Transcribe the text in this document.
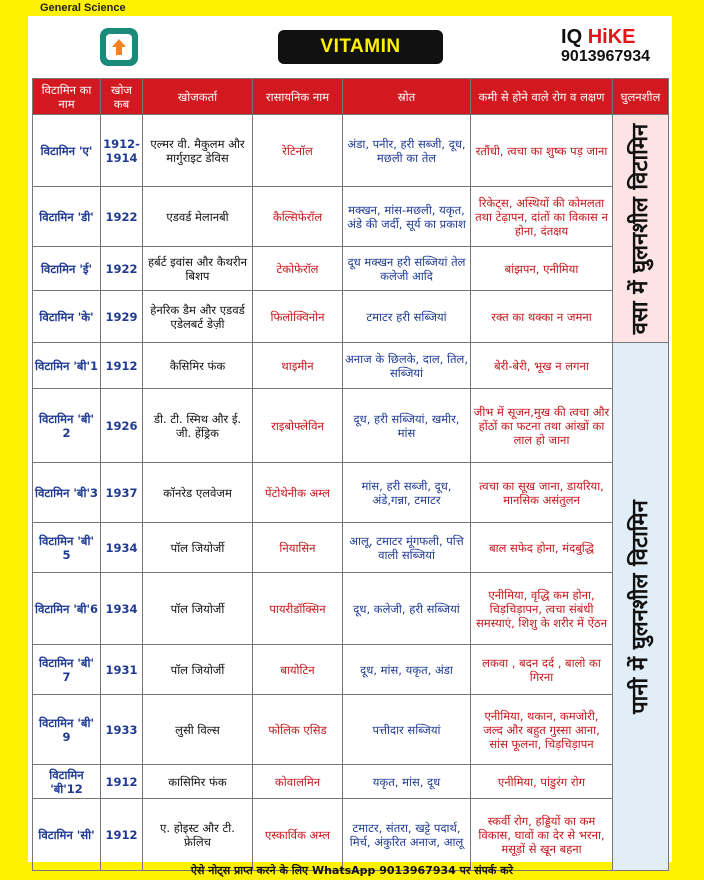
General Science
VITAMIN	IQ HiKE
9013967934
विटामिन का नाम	खोज कब	खोजकर्ता	रासायनिक नाम	स्रोत	कमी से होने वाले रोग व लक्षण	घुलनशील
विटामिन 'ए'	1912-1914	एल्मर वी. मैकुलम और मार्गुराइट डेविस	रेटिनॉल	अंडा, पनीर, हरी सब्जी, दूध, मछली का तेल	रतौंधी, त्वचा का शुष्क पड़ जाना	वसा में घुलनशील विटामिन

विटामिन 'डी'	1922	एडवर्ड मेलानबी	कैल्सिफेरॉल	मक्खन, मांस-मछली, यकृत, अंडे की जर्दी, सूर्य का प्रकाश	रिकेट्स, अस्थियों की कोमलता तथा टेढ़ापन, दांतों का विकास न होना, दंतक्षय	
विटामिन 'ई'	1922	हर्बर्ट इवांस और कैथरीन बिशप	टेकोफेरॉल	दूध मक्खन हरी सब्जियां तेल कलेजी आदि	बांझपन, एनीमिया	
विटामिन 'के'	1929	हेनरिक डैम और एडवर्ड एडेलबर्ट डेज़ी	फिलोक्विनोन	टमाटर हरी सब्जियां	रक्त का थक्का न जमना	
विटामिन 'बी'1	1912	कैसिमिर फंक	थाइमीन	अनाज के छिलके, दाल, तिल, सब्जियां	बेरी-बेरी, भूख न लगना	पानी में घुलनशील विटामिन

विटामिन 'बी' 2	1926	डी. टी. स्मिथ और ई. जी. हेंड्रिक	राइबोफ्लेविन	दूध, हरी सब्जियां, खमीर, मांस	जीभ में सूजन,मुख की त्वचा और होंठों का फटना तथा आंखों का लाल हो जाना	
विटामिन 'बी'3	1937	कॉनरेड एलवेजम	पेंटोथेनीक अम्ल	मांस, हरी सब्जी, दूध, अंडे,गन्ना, टमाटर	त्वचा का सूख जाना, डायरिया, मानसिक असंतुलन	
विटामिन 'बी' 5	1934	पॉल जियोर्जी	नियासिन	आलू, टमाटर मूंगफली, पत्ति वाली सब्जियां	बाल सफेद होना, मंदबुद्धि	
विटामिन 'बी'6	1934	पॉल जियोर्जी	पायरीडॉक्सिन	दूध, कलेजी, हरी सब्जियां	एनीमिया, वृद्धि कम होना, चिड़चिड़ापन, त्वचा संबंधी समस्याएं, शिशु के शरीर में ऐंठन	
विटामिन 'बी' 7	1931	पॉल जियोर्जी	बायोटिन	दूध, मांस, यकृत, अंडा	लकवा , बदन दर्द , बालो का गिरना	
विटामिन 'बी' 9	1933	लुसी विल्स	फोलिक एसिड	पत्तीदार सब्जियां	एनीमिया, थकान, कमजोरी, जल्द और बहुत गुस्सा आना, सांस फूलना, चिड़चिड़ापन	
विटामिन 'बी'12	1912	कासिमिर फंक	कोवालमिन	यकृत, मांस, दूध	एनीमिया, पांडुरंग रोग	
विटामिन 'सी'	1912	ए. होइस्ट और टी. फ्रेलिच	एस्कार्विक अम्ल	टमाटर, संतरा, खट्टे पदार्थ, मिर्च, अंकुरित अनाज, आलू	स्कर्वी रोग, हड्डियों का कम विकास, घावों का देर से भरना, मसूड़ों से खून बहना	
ऐसे नोट्स प्राप्त करने के लिए WhatsApp 9013967934 पर संपर्क करे
